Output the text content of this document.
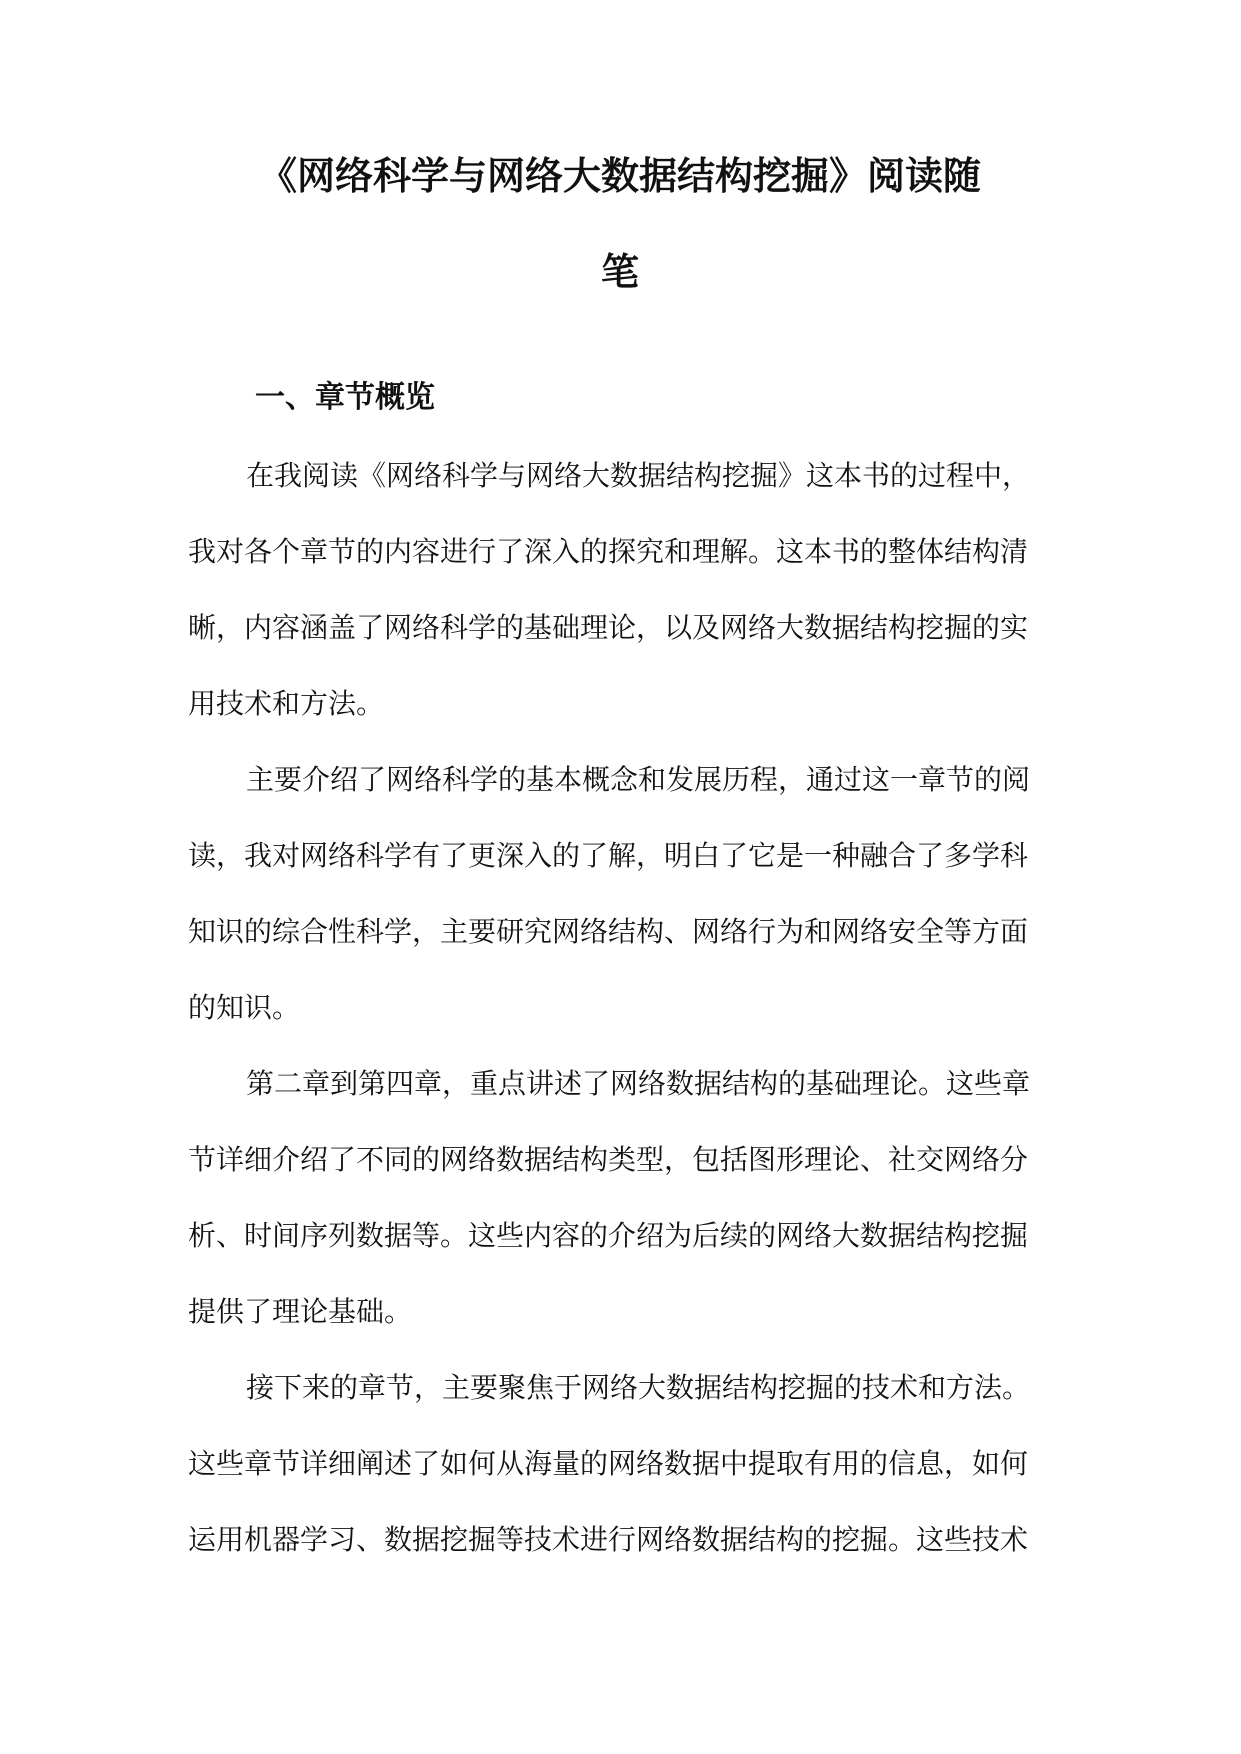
《网络科学与网络大数据结构挖掘》阅读随
笔
一、章节概览

在我阅读《网络科学与网络大数据结构挖掘》这本书的过程中，

我对各个章节的内容进行了深入的探究和理解。这本书的整体结构清

晰，内容涵盖了网络科学的基础理论，以及网络大数据结构挖掘的实

用技术和方法。

主要介绍了网络科学的基本概念和发展历程，通过这一章节的阅

读，我对网络科学有了更深入的了解，明白了它是一种融合了多学科

知识的综合性科学，主要研究网络结构、网络行为和网络安全等方面

的知识。

第二章到第四章，重点讲述了网络数据结构的基础理论。这些章

节详细介绍了不同的网络数据结构类型，包括图形理论、社交网络分

析、时间序列数据等。这些内容的介绍为后续的网络大数据结构挖掘

提供了理论基础。

接下来的章节，主要聚焦于网络大数据结构挖掘的技术和方法。

这些章节详细阐述了如何从海量的网络数据中提取有用的信息，如何

运用机器学习、数据挖掘等技术进行网络数据结构的挖掘。这些技术
